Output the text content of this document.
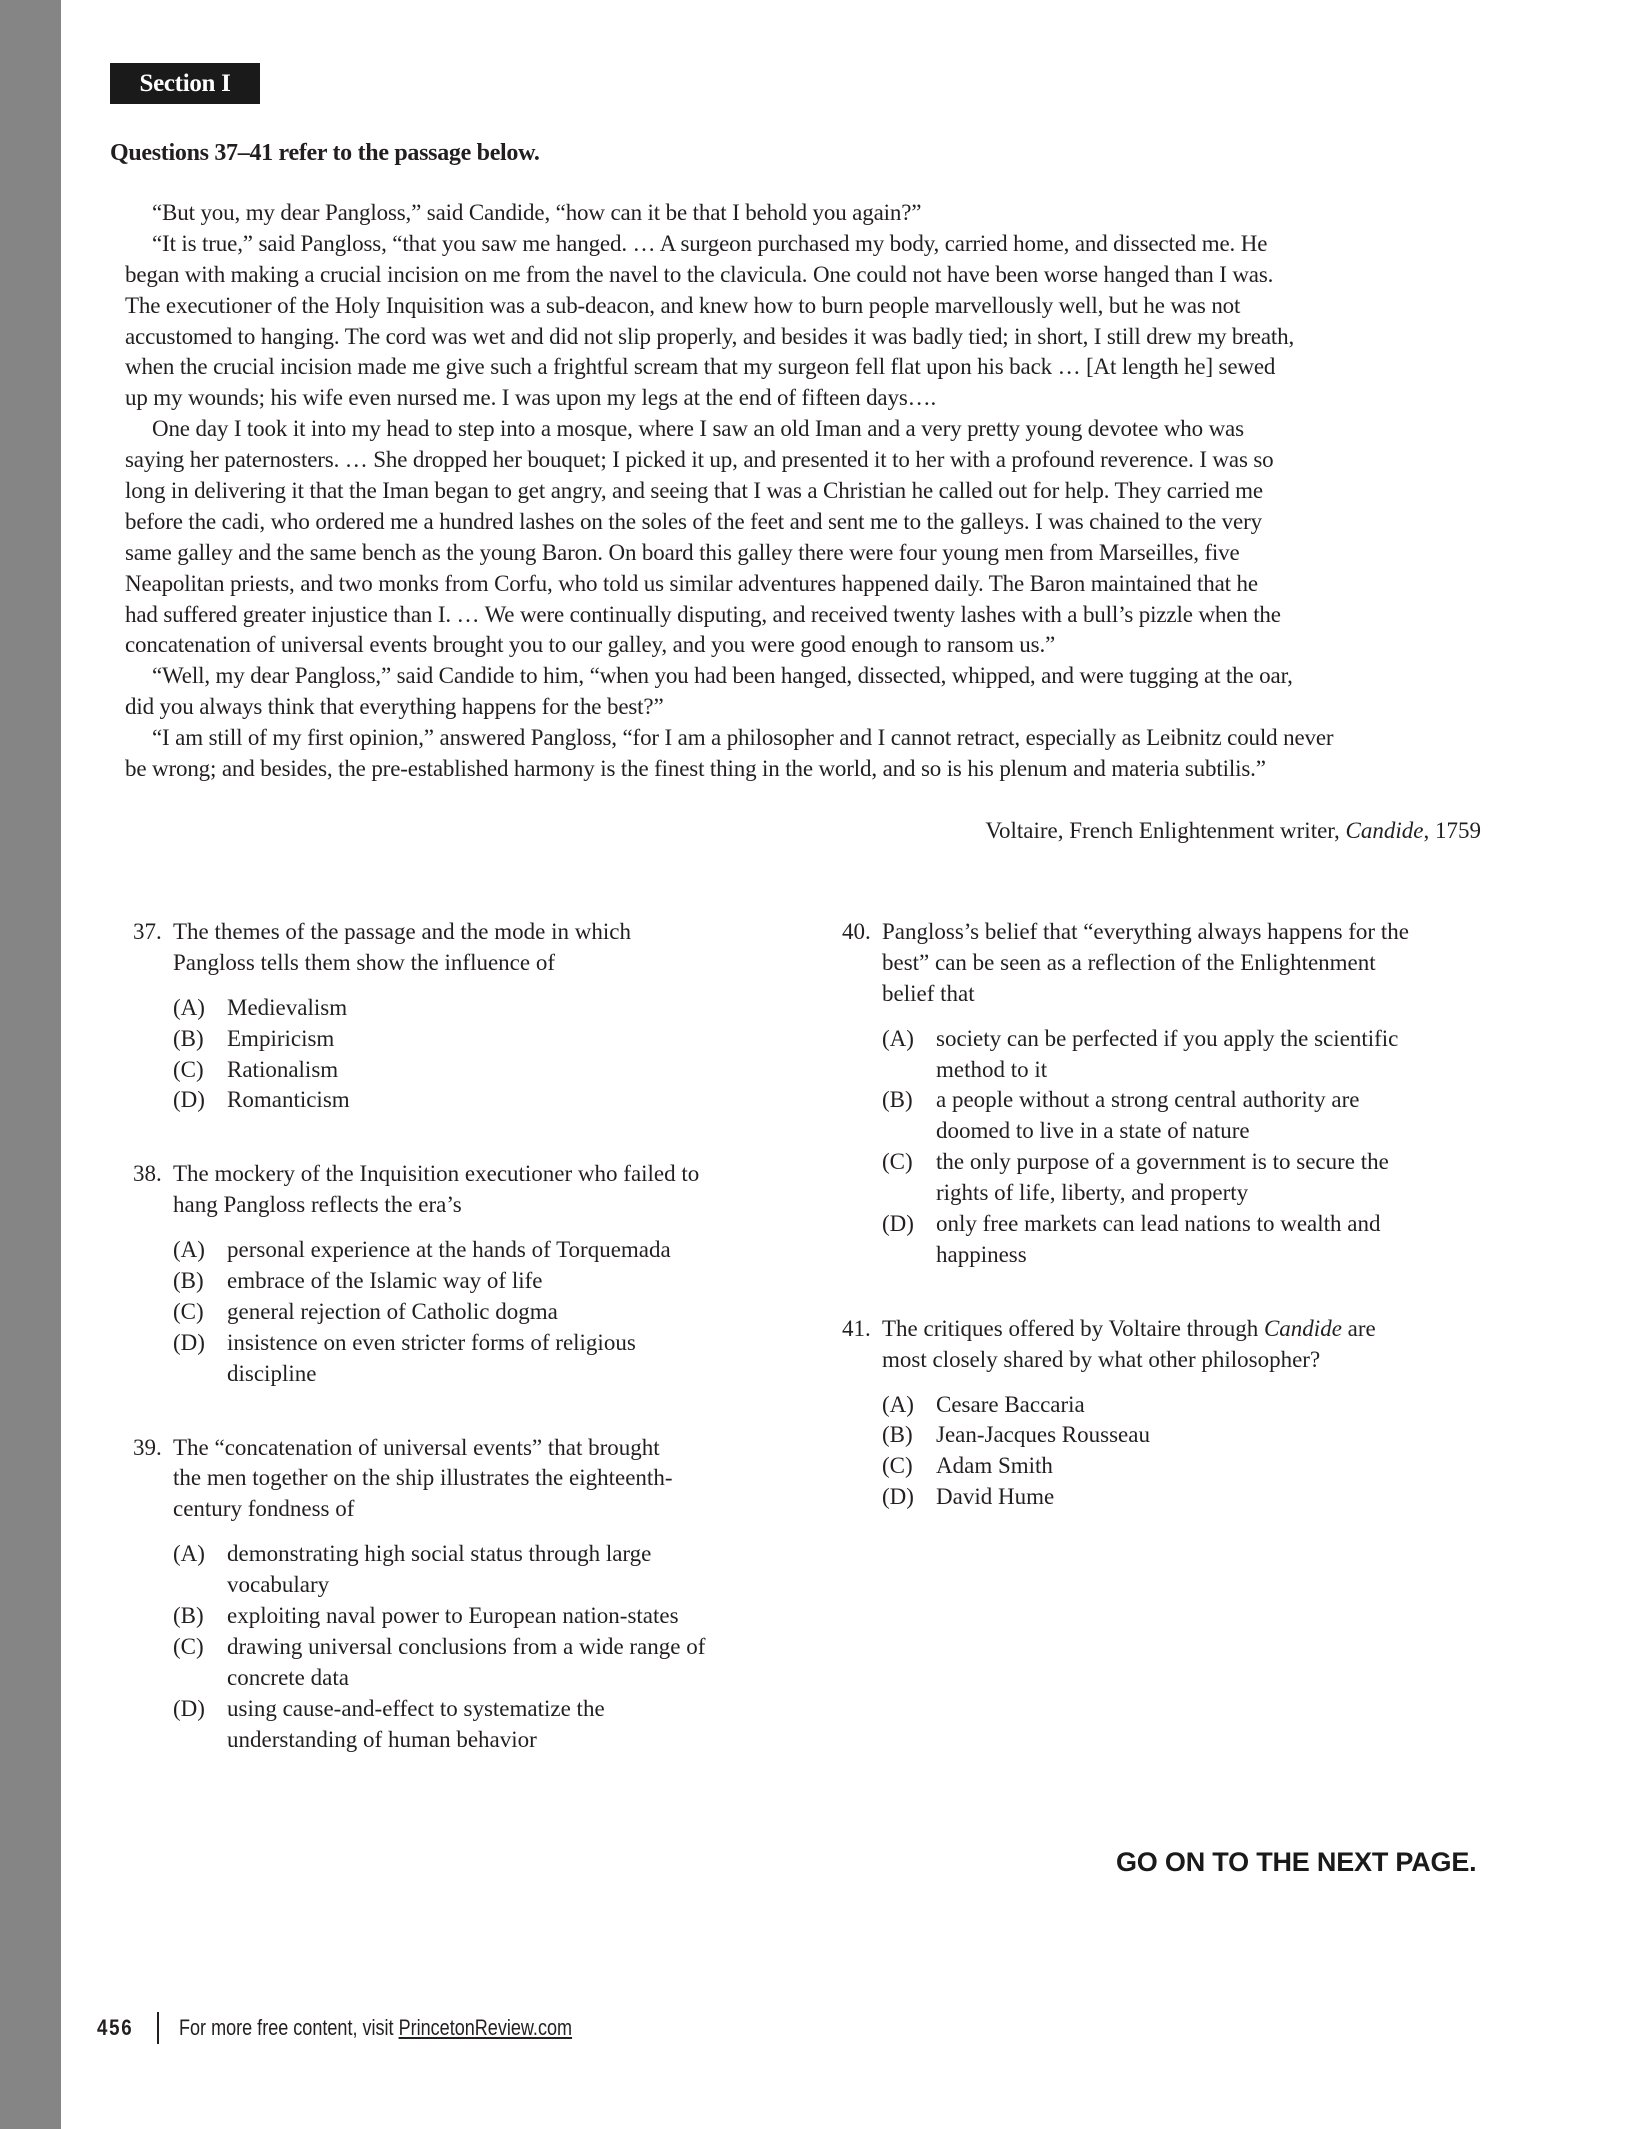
Section I
Questions 37–41 refer to the passage below.
“But you, my dear Pangloss,” said Candide, “how can it be that I behold you again?”
“It is true,” said Pangloss, “that you saw me hanged. … A surgeon purchased my body, carried home, and dissected me. He
began with making a crucial incision on me from the navel to the clavicula. One could not have been worse hanged than I was.
The executioner of the Holy Inquisition was a sub-deacon, and knew how to burn people marvellously well, but he was not
accustomed to hanging. The cord was wet and did not slip properly, and besides it was badly tied; in short, I still drew my breath,
when the crucial incision made me give such a frightful scream that my surgeon fell flat upon his back … [At length he] sewed
up my wounds; his wife even nursed me. I was upon my legs at the end of fifteen days….
One day I took it into my head to step into a mosque, where I saw an old Iman and a very pretty young devotee who was
saying her paternosters. … She dropped her bouquet; I picked it up, and presented it to her with a profound reverence. I was so
long in delivering it that the Iman began to get angry, and seeing that I was a Christian he called out for help. They carried me
before the cadi, who ordered me a hundred lashes on the soles of the feet and sent me to the galleys. I was chained to the very
same galley and the same bench as the young Baron. On board this galley there were four young men from Marseilles, five
Neapolitan priests, and two monks from Corfu, who told us similar adventures happened daily. The Baron maintained that he
had suffered greater injustice than I. … We were continually disputing, and received twenty lashes with a bull’s pizzle when the
concatenation of universal events brought you to our galley, and you were good enough to ransom us.”
“Well, my dear Pangloss,” said Candide to him, “when you had been hanged, dissected, whipped, and were tugging at the oar,
did you always think that everything happens for the best?”
“I am still of my first opinion,” answered Pangloss, “for I am a philosopher and I cannot retract, especially as Leibnitz could never
be wrong; and besides, the pre-established harmony is the finest thing in the world, and so is his plenum and materia subtilis.”
Voltaire, French Enlightenment writer, Candide, 1759
37. The themes of the passage and the mode in which
Pangloss tells them show the influence of
(A) Medievalism
(B) Empiricism
(C) Rationalism
(D) Romanticism
38. The mockery of the Inquisition executioner who failed to
hang Pangloss reflects the era’s
(A) personal experience at the hands of Torquemada
(B) embrace of the Islamic way of life
(C) general rejection of Catholic dogma
(D) insistence on even stricter forms of religious
discipline
39. The “concatenation of universal events” that brought
the men together on the ship illustrates the eighteenth-
century fondness of
(A) demonstrating high social status through large
vocabulary
(B) exploiting naval power to European nation-states
(C) drawing universal conclusions from a wide range of
concrete data
(D) using cause-and-effect to systematize the
understanding of human behavior
40. Pangloss’s belief that “everything always happens for the
best” can be seen as a reflection of the Enlightenment
belief that
(A) society can be perfected if you apply the scientific
method to it
(B) a people without a strong central authority are
doomed to live in a state of nature
(C) the only purpose of a government is to secure the
rights of life, liberty, and property
(D) only free markets can lead nations to wealth and
happiness
41. The critiques offered by Voltaire through Candide are
most closely shared by what other philosopher?
(A) Cesare Baccaria
(B) Jean-Jacques Rousseau
(C) Adam Smith
(D) David Hume
GO ON TO THE NEXT PAGE.
456	For more free content, visit PrincetonReview.com
